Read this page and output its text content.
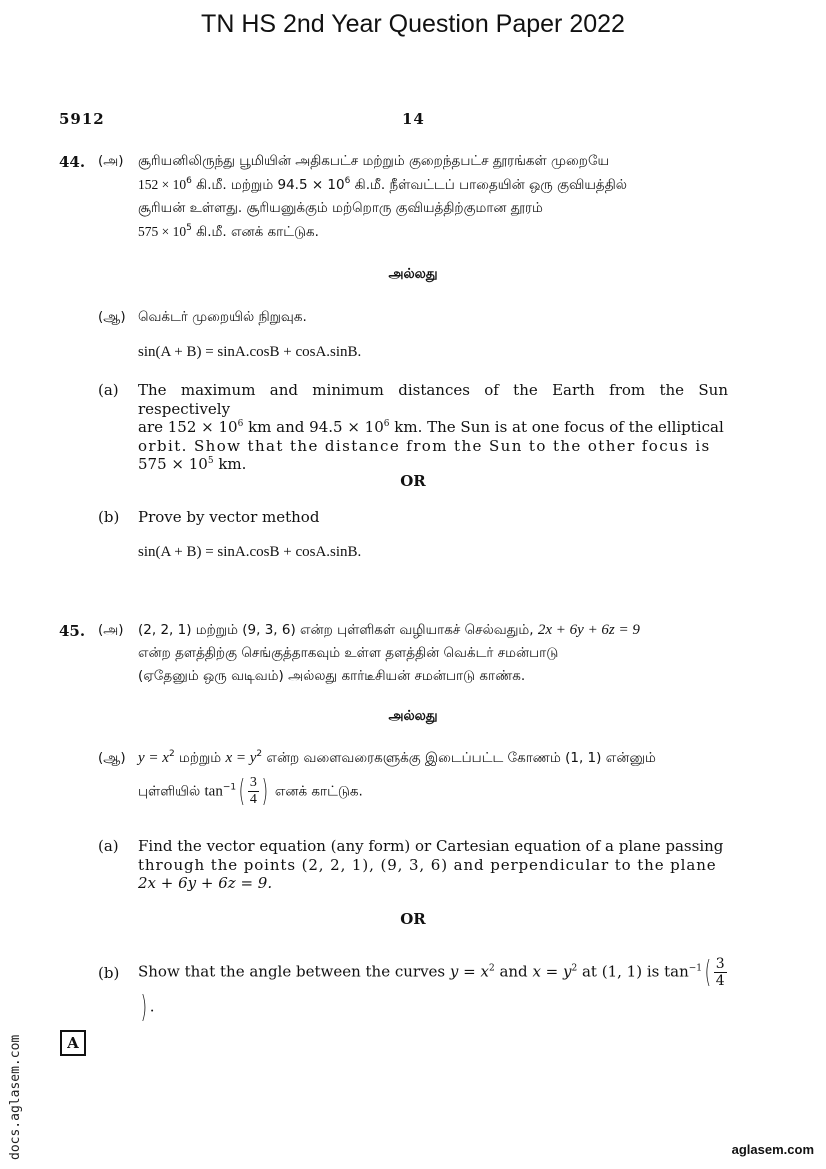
TN HS 2nd Year Question Paper 2022
5912	14
44. (அ) சூரியனிலிருந்து பூமியின் அதிகபட்ச மற்றும் குறைந்தபட்ச தூரங்கள் முறையே
$152 \times 10^6$ கி.மீ. மற்றும் $94.5 \times 10^6$ கி.மீ. நீள்வட்டப் பாதையின் ஒரு குவியத்தில்
சூரியன் உள்ளது. சூரியனுக்கும் மற்றொரு குவியத்திற்குமான தூரம்
$575 \times 10^5$ கி.மீ. எனக் காட்டுக.
அல்லது
(ஆ) வெக்டர் முறையில் நிறுவுக.
sin(A + B) = sinA.cosB + cosA.sinB.
(a) The maximum and minimum distances of the Earth from the Sun respectively
are $152 \times 10^6$ km and $94.5 \times 10^6$ km. The Sun is at one focus of the elliptical
orbit. Show that the distance from the Sun to the other focus is
$575 \times 10^5$ km.
OR
(b) Prove by vector method
sin(A + B) = sinA.cosB + cosA.sinB.
45. (அ) (2, 2, 1) மற்றும் (9, 3, 6) என்ற புள்ளிகள் வழியாகச் செல்வதும், 2x + 6y + 6z = 9
என்ற தளத்திற்கு செங்குத்தாகவும் உள்ள தளத்தின் வெக்டர் சமன்பாடு
(ஏதேனும் ஒரு வடிவம்) அல்லது கார்டீசியன் சமன்பாடு காண்க.
அல்லது
(ஆ) $y = x^2$ மற்றும் $x = y^2$ என்ற வளைவரைகளுக்கு இடைப்பட்ட கோணம் (1, 1) என்னும்
புள்ளியில் $\tan^{-1}( \frac{3}{4}$ ) எனக் காட்டுக.
(a) Find the vector equation (any form) or Cartesian equation of a plane passing
through the points (2, 2, 1), (9, 3, 6) and perpendicular to the plane
2x + 6y + 6z = 9.
OR
(b) Show that the angle between the curves $y = x^2$ and $x = y^2$ at (1, 1) is $\tan^{-1}( \frac{3}{4}$
) .
A
docs.aglasem.com	aglasem.com
